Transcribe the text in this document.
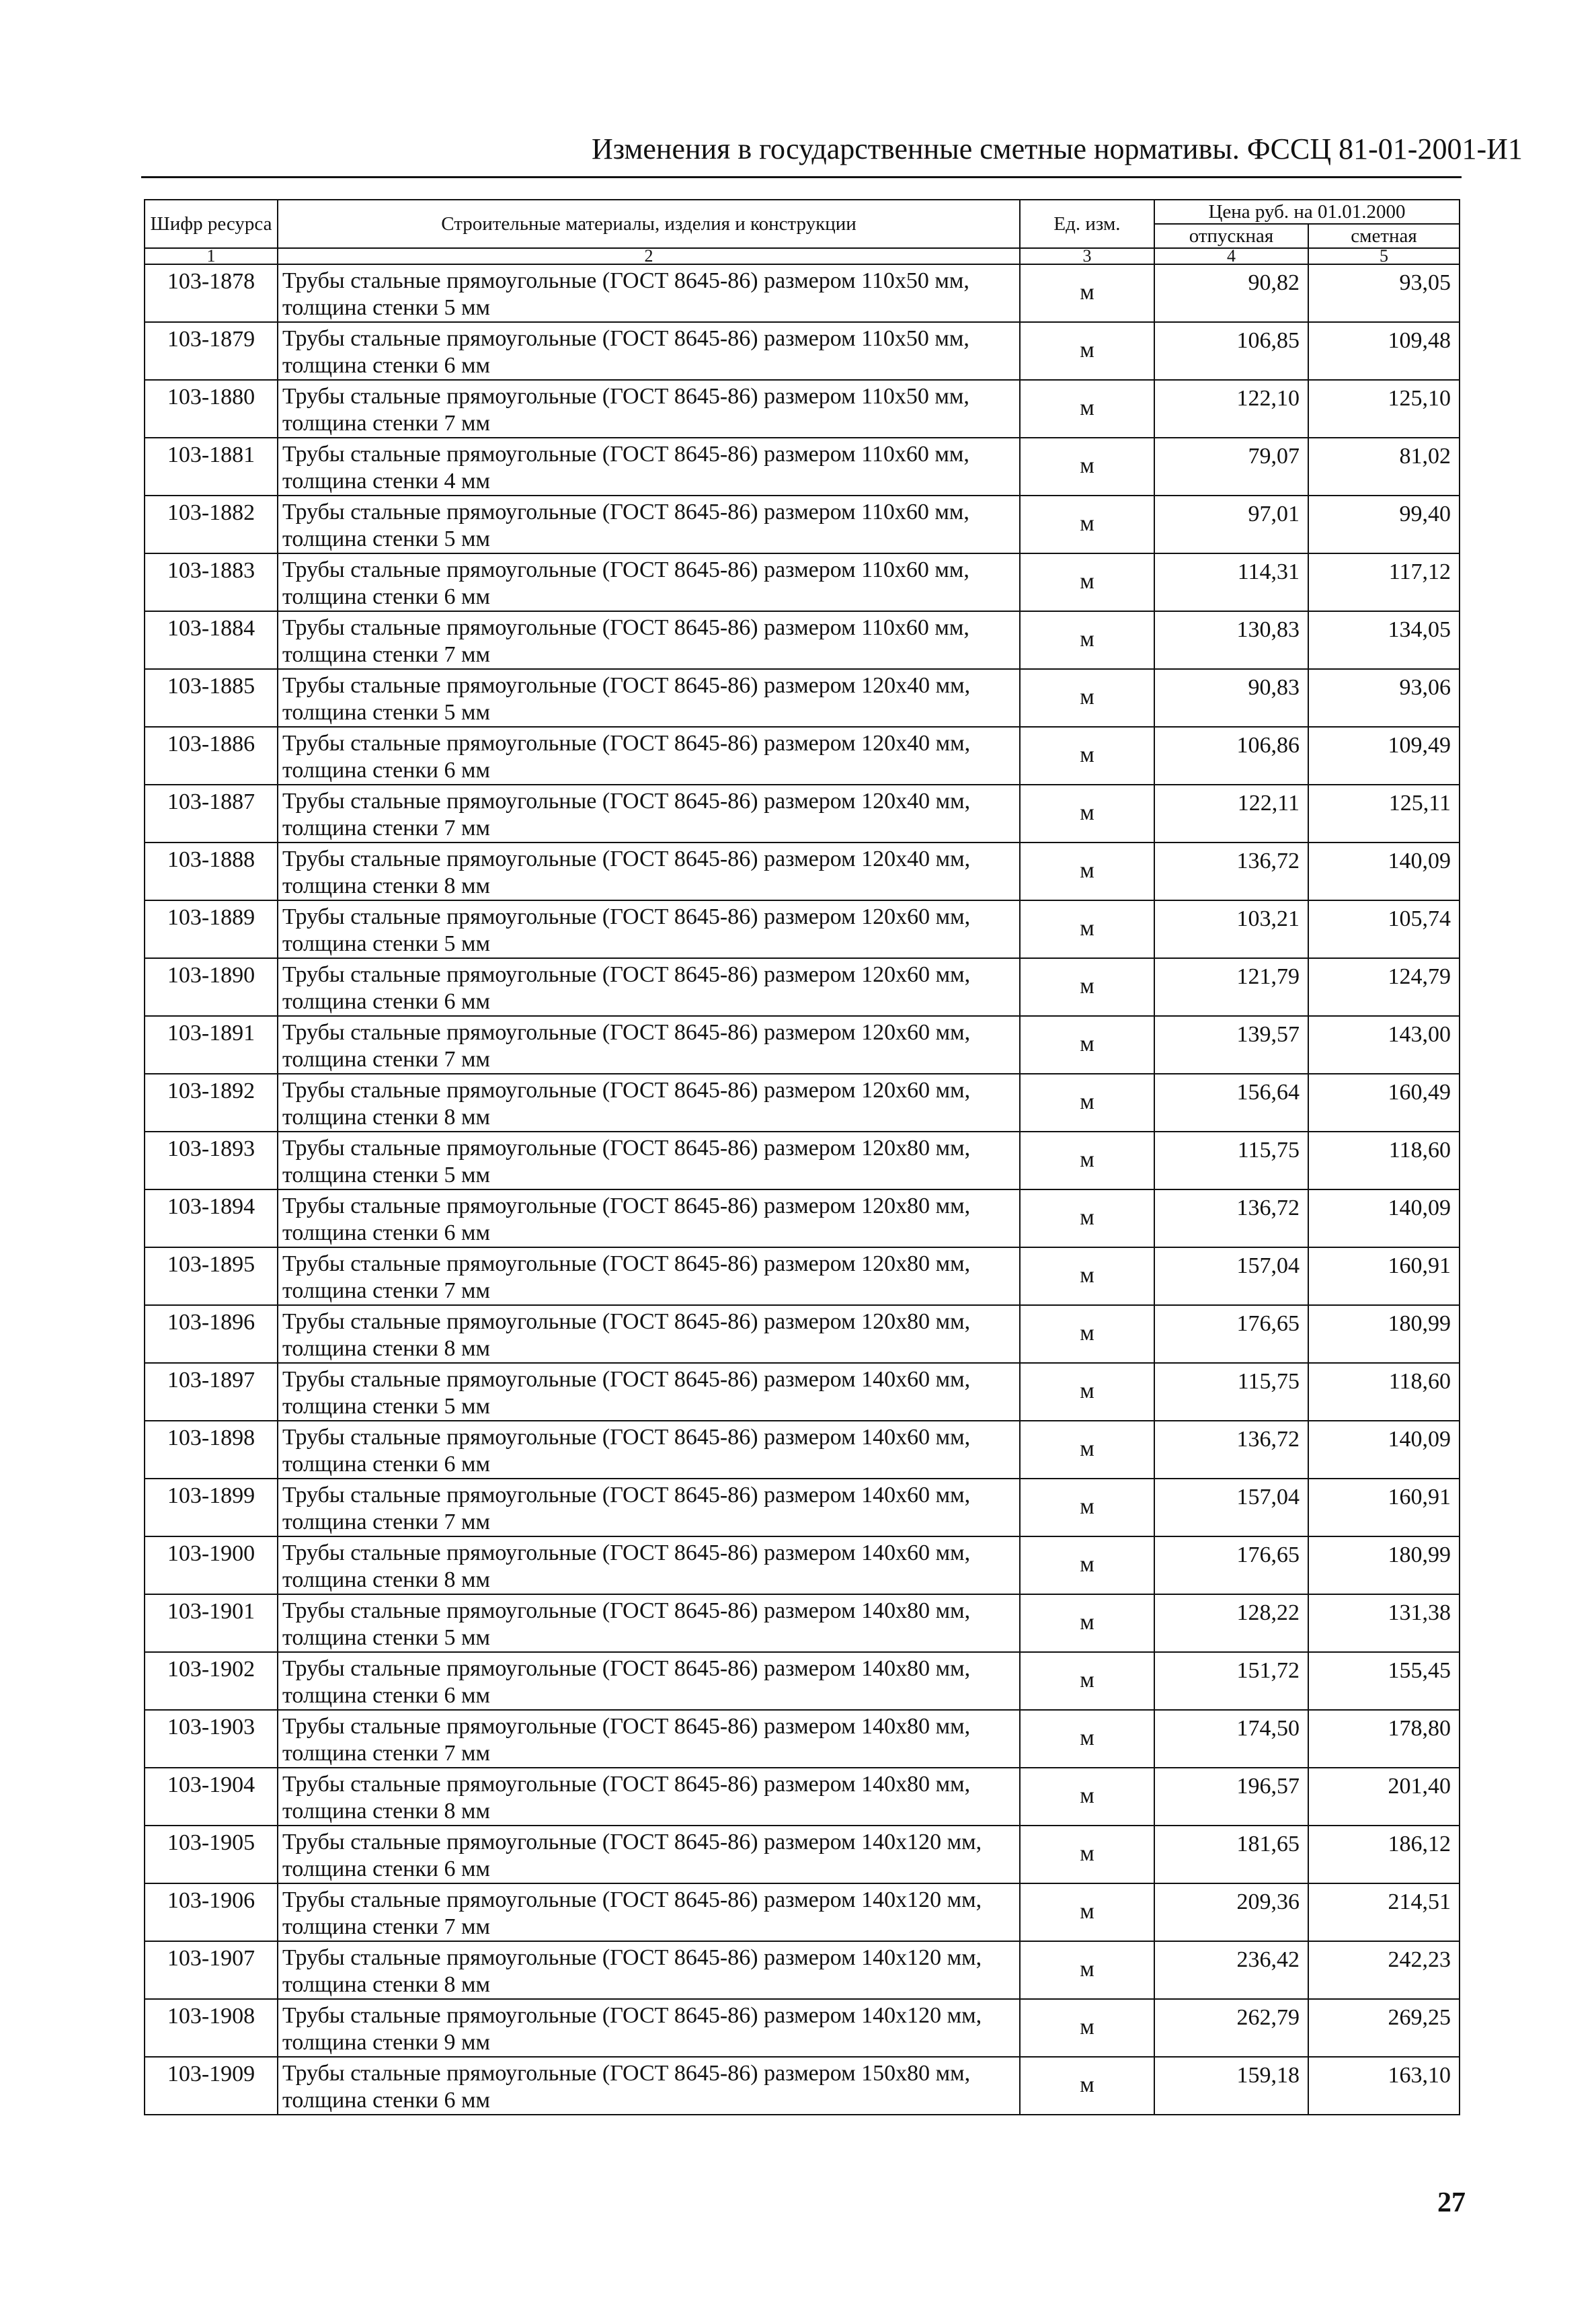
Изменения в государственные сметные нормативы. ФССЦ 81-01-2001-И1
Шифр ресурса	Строительные материалы, изделия и конструкции	Ед. изм.	Цена руб. на 01.01.2000	
			отпускная	сметная
1	2	3	4	5
103-1878	Трубы стальные прямоугольные (ГОСТ 8645-86) размером 110х50 мм,
толщина стенки 5 мм	м	90,82	93,05
103-1879	Трубы стальные прямоугольные (ГОСТ 8645-86) размером 110х50 мм,
толщина стенки 6 мм	м	106,85	109,48
103-1880	Трубы стальные прямоугольные (ГОСТ 8645-86) размером 110х50 мм,
толщина стенки 7 мм	м	122,10	125,10
103-1881	Трубы стальные прямоугольные (ГОСТ 8645-86) размером 110х60 мм,
толщина стенки 4 мм	м	79,07	81,02
103-1882	Трубы стальные прямоугольные (ГОСТ 8645-86) размером 110х60 мм,
толщина стенки 5 мм	м	97,01	99,40
103-1883	Трубы стальные прямоугольные (ГОСТ 8645-86) размером 110х60 мм,
толщина стенки 6 мм	м	114,31	117,12
103-1884	Трубы стальные прямоугольные (ГОСТ 8645-86) размером 110х60 мм,
толщина стенки 7 мм	м	130,83	134,05
103-1885	Трубы стальные прямоугольные (ГОСТ 8645-86) размером 120х40 мм,
толщина стенки 5 мм	м	90,83	93,06
103-1886	Трубы стальные прямоугольные (ГОСТ 8645-86) размером 120х40 мм,
толщина стенки 6 мм	м	106,86	109,49
103-1887	Трубы стальные прямоугольные (ГОСТ 8645-86) размером 120х40 мм,
толщина стенки 7 мм	м	122,11	125,11
103-1888	Трубы стальные прямоугольные (ГОСТ 8645-86) размером 120х40 мм,
толщина стенки 8 мм	м	136,72	140,09
103-1889	Трубы стальные прямоугольные (ГОСТ 8645-86) размером 120х60 мм,
толщина стенки 5 мм	м	103,21	105,74
103-1890	Трубы стальные прямоугольные (ГОСТ 8645-86) размером 120х60 мм,
толщина стенки 6 мм	м	121,79	124,79
103-1891	Трубы стальные прямоугольные (ГОСТ 8645-86) размером 120х60 мм,
толщина стенки 7 мм	м	139,57	143,00
103-1892	Трубы стальные прямоугольные (ГОСТ 8645-86) размером 120х60 мм,
толщина стенки 8 мм	м	156,64	160,49
103-1893	Трубы стальные прямоугольные (ГОСТ 8645-86) размером 120х80 мм,
толщина стенки 5 мм	м	115,75	118,60
103-1894	Трубы стальные прямоугольные (ГОСТ 8645-86) размером 120х80 мм,
толщина стенки 6 мм	м	136,72	140,09
103-1895	Трубы стальные прямоугольные (ГОСТ 8645-86) размером 120х80 мм,
толщина стенки 7 мм	м	157,04	160,91
103-1896	Трубы стальные прямоугольные (ГОСТ 8645-86) размером 120х80 мм,
толщина стенки 8 мм	м	176,65	180,99
103-1897	Трубы стальные прямоугольные (ГОСТ 8645-86) размером 140х60 мм,
толщина стенки 5 мм	м	115,75	118,60
103-1898	Трубы стальные прямоугольные (ГОСТ 8645-86) размером 140х60 мм,
толщина стенки 6 мм	м	136,72	140,09
103-1899	Трубы стальные прямоугольные (ГОСТ 8645-86) размером 140х60 мм,
толщина стенки 7 мм	м	157,04	160,91
103-1900	Трубы стальные прямоугольные (ГОСТ 8645-86) размером 140х60 мм,
толщина стенки 8 мм	м	176,65	180,99
103-1901	Трубы стальные прямоугольные (ГОСТ 8645-86) размером 140х80 мм,
толщина стенки 5 мм	м	128,22	131,38
103-1902	Трубы стальные прямоугольные (ГОСТ 8645-86) размером 140х80 мм,
толщина стенки 6 мм	м	151,72	155,45
103-1903	Трубы стальные прямоугольные (ГОСТ 8645-86) размером 140х80 мм,
толщина стенки 7 мм	м	174,50	178,80
103-1904	Трубы стальные прямоугольные (ГОСТ 8645-86) размером 140х80 мм,
толщина стенки 8 мм	м	196,57	201,40
103-1905	Трубы стальные прямоугольные (ГОСТ 8645-86) размером 140х120 мм,
толщина стенки 6 мм	м	181,65	186,12
103-1906	Трубы стальные прямоугольные (ГОСТ 8645-86) размером 140х120 мм,
толщина стенки 7 мм	м	209,36	214,51
103-1907	Трубы стальные прямоугольные (ГОСТ 8645-86) размером 140х120 мм,
толщина стенки 8 мм	м	236,42	242,23
103-1908	Трубы стальные прямоугольные (ГОСТ 8645-86) размером 140х120 мм,
толщина стенки 9 мм	м	262,79	269,25
103-1909	Трубы стальные прямоугольные (ГОСТ 8645-86) размером 150х80 мм,
толщина стенки 6 мм	м	159,18	163,10
27
